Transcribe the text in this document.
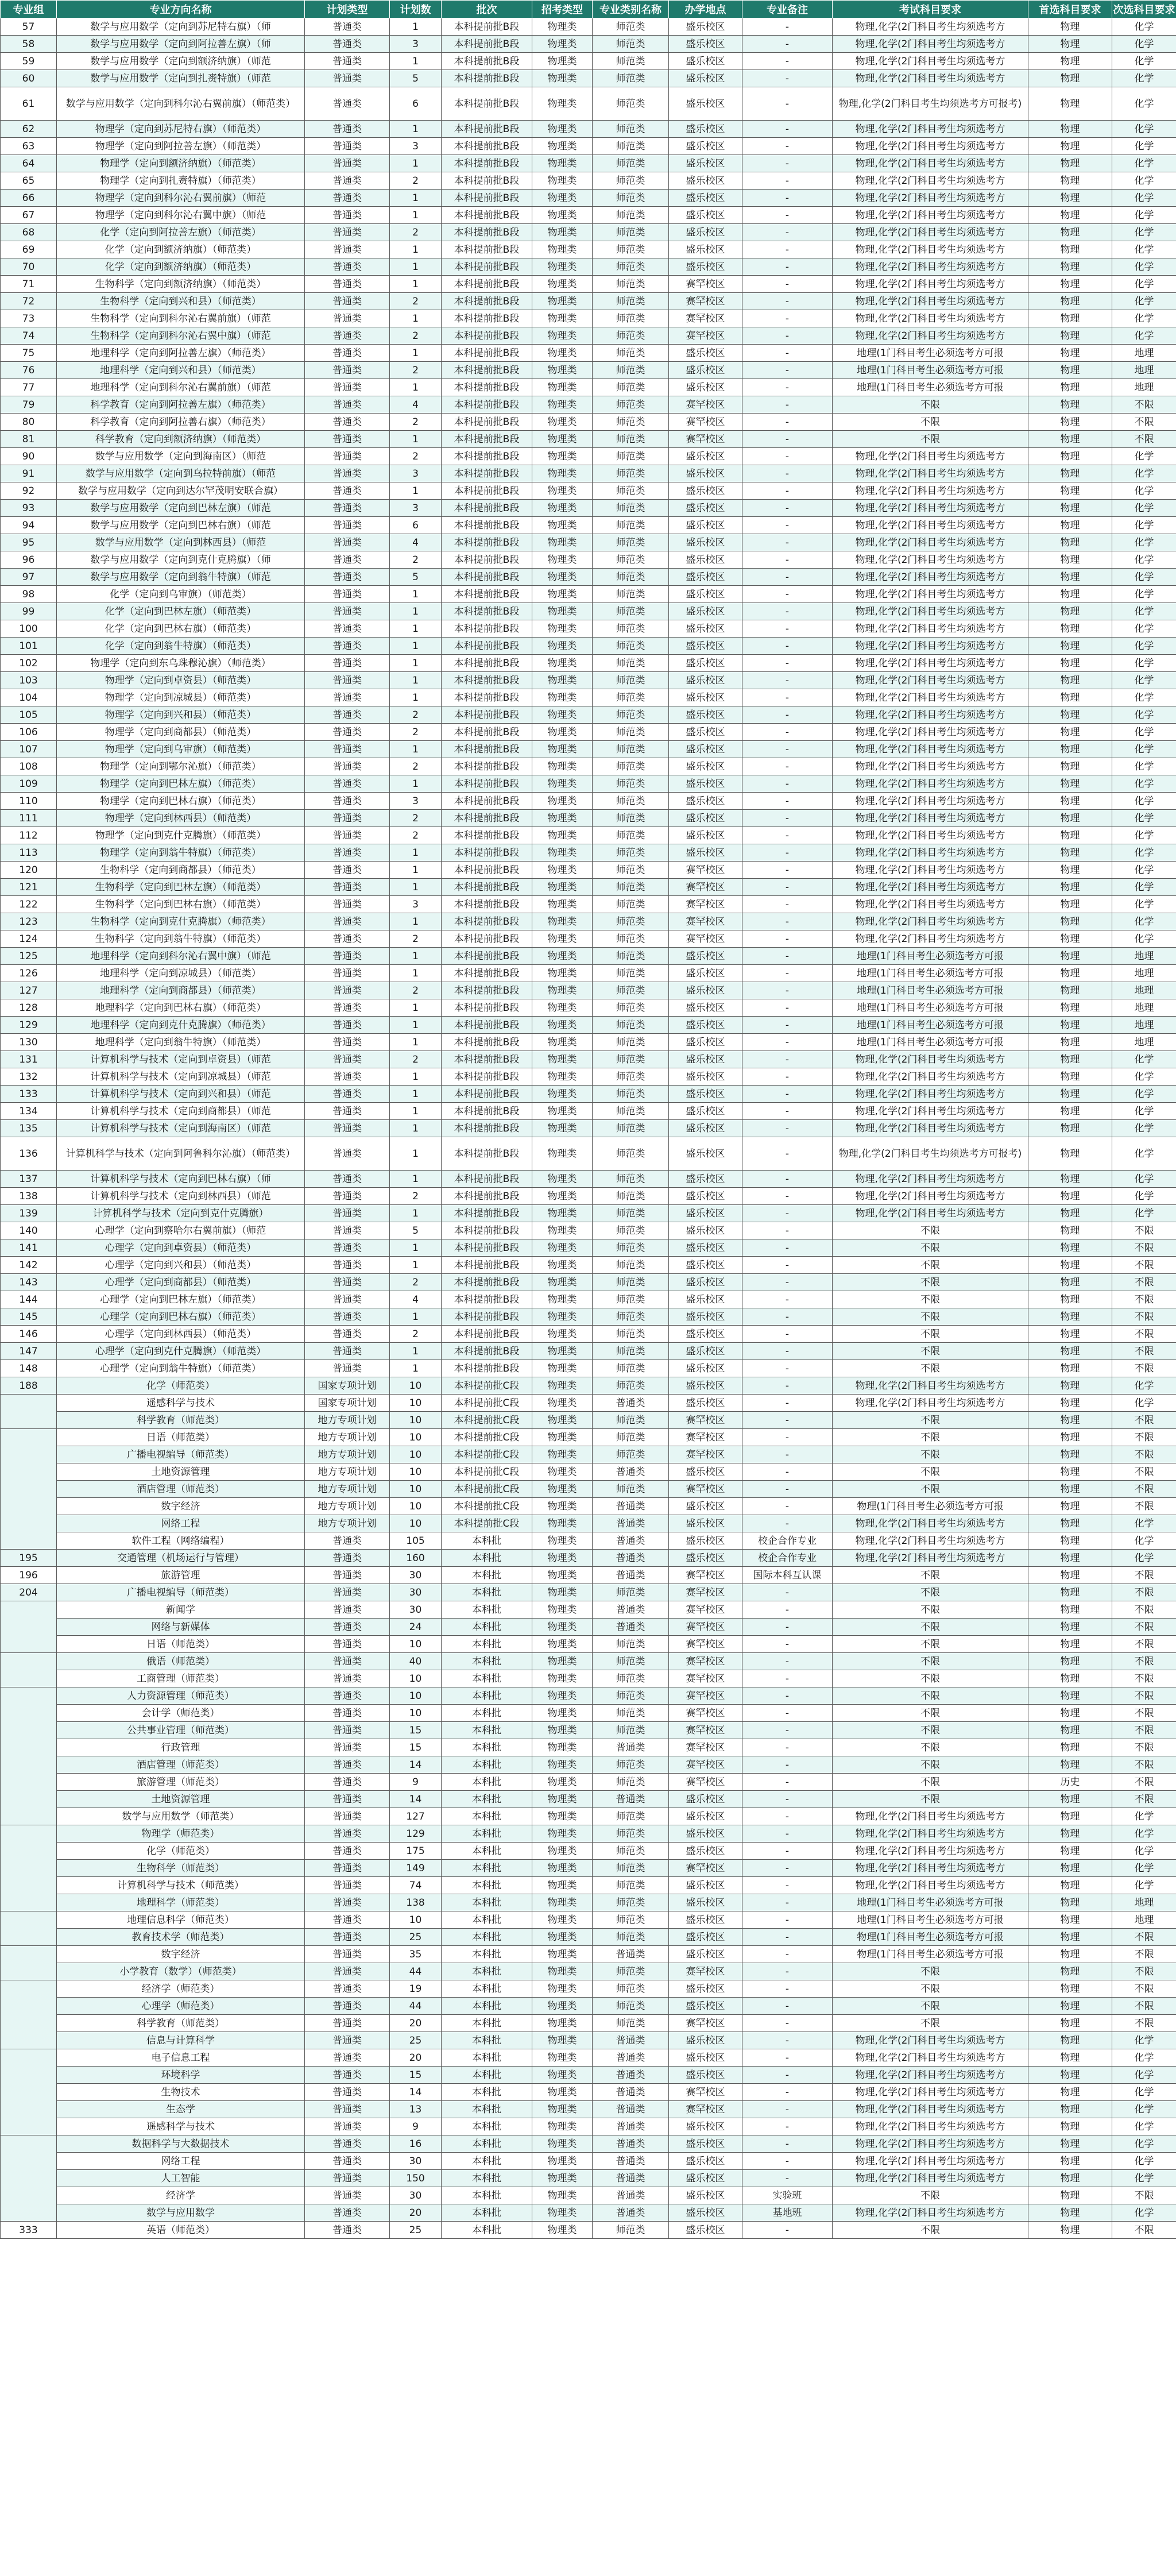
专业组	专业方向名称	计划类型	计划数	批次	招考类型	专业类别名称	办学地点	专业备注	考试科目要求	首选科目要求	次选科目要求
57	数学与应用数学（定向到苏尼特右旗）（师	普通类	1	本科提前批B段	物理类	师范类	盛乐校区	-	物理,化学(2门科目考生均须选考方	物理	化学
58	数学与应用数学（定向到阿拉善左旗）（师	普通类	3	本科提前批B段	物理类	师范类	盛乐校区	-	物理,化学(2门科目考生均须选考方	物理	化学
59	数学与应用数学（定向到额济纳旗）（师范	普通类	1	本科提前批B段	物理类	师范类	盛乐校区	-	物理,化学(2门科目考生均须选考方	物理	化学
60	数学与应用数学（定向到扎赉特旗）（师范	普通类	5	本科提前批B段	物理类	师范类	盛乐校区	-	物理,化学(2门科目考生均须选考方	物理	化学
61	数学与应用数学（定向到科尔沁右翼前旗）（师范类）	普通类	6	本科提前批B段	物理类	师范类	盛乐校区	-	物理,化学(2门科目考生均须选考方可报考)	物理	化学
62	物理学（定向到苏尼特右旗）（师范类）	普通类	1	本科提前批B段	物理类	师范类	盛乐校区	-	物理,化学(2门科目考生均须选考方	物理	化学
63	物理学（定向到阿拉善左旗）（师范类）	普通类	3	本科提前批B段	物理类	师范类	盛乐校区	-	物理,化学(2门科目考生均须选考方	物理	化学
64	物理学（定向到额济纳旗）（师范类）	普通类	1	本科提前批B段	物理类	师范类	盛乐校区	-	物理,化学(2门科目考生均须选考方	物理	化学
65	物理学（定向到扎赉特旗）（师范类）	普通类	2	本科提前批B段	物理类	师范类	盛乐校区	-	物理,化学(2门科目考生均须选考方	物理	化学
66	物理学（定向到科尔沁右翼前旗）（师范	普通类	1	本科提前批B段	物理类	师范类	盛乐校区	-	物理,化学(2门科目考生均须选考方	物理	化学
67	物理学（定向到科尔沁右翼中旗）（师范	普通类	1	本科提前批B段	物理类	师范类	盛乐校区	-	物理,化学(2门科目考生均须选考方	物理	化学
68	化学（定向到阿拉善左旗）（师范类）	普通类	2	本科提前批B段	物理类	师范类	盛乐校区	-	物理,化学(2门科目考生均须选考方	物理	化学
69	化学（定向到额济纳旗）（师范类）	普通类	1	本科提前批B段	物理类	师范类	盛乐校区	-	物理,化学(2门科目考生均须选考方	物理	化学
70	化学（定向到额济纳旗）（师范类）	普通类	1	本科提前批B段	物理类	师范类	盛乐校区	-	物理,化学(2门科目考生均须选考方	物理	化学
71	生物科学（定向到额济纳旗）（师范类）	普通类	1	本科提前批B段	物理类	师范类	赛罕校区	-	物理,化学(2门科目考生均须选考方	物理	化学
72	生物科学（定向到兴和县）（师范类）	普通类	2	本科提前批B段	物理类	师范类	赛罕校区	-	物理,化学(2门科目考生均须选考方	物理	化学
73	生物科学（定向到科尔沁右翼前旗）（师范	普通类	1	本科提前批B段	物理类	师范类	赛罕校区	-	物理,化学(2门科目考生均须选考方	物理	化学
74	生物科学（定向到科尔沁右翼中旗）（师范	普通类	2	本科提前批B段	物理类	师范类	赛罕校区	-	物理,化学(2门科目考生均须选考方	物理	化学
75	地理科学（定向到阿拉善左旗）（师范类）	普通类	1	本科提前批B段	物理类	师范类	盛乐校区	-	地理(1门科目考生必须选考方可报	物理	地理
76	地理科学（定向到兴和县）（师范类）	普通类	2	本科提前批B段	物理类	师范类	盛乐校区	-	地理(1门科目考生必须选考方可报	物理	地理
77	地理科学（定向到科尔沁右翼前旗）（师范	普通类	1	本科提前批B段	物理类	师范类	盛乐校区	-	地理(1门科目考生必须选考方可报	物理	地理
79	科学教育（定向到阿拉善左旗）（师范类）	普通类	4	本科提前批B段	物理类	师范类	赛罕校区	-	不限	物理	不限
80	科学教育（定向到阿拉善右旗）（师范类）	普通类	2	本科提前批B段	物理类	师范类	赛罕校区	-	不限	物理	不限
81	科学教育（定向到额济纳旗）（师范类）	普通类	1	本科提前批B段	物理类	师范类	赛罕校区	-	不限	物理	不限
90	数学与应用数学（定向到海南区）（师范	普通类	2	本科提前批B段	物理类	师范类	盛乐校区	-	物理,化学(2门科目考生均须选考方	物理	化学
91	数学与应用数学（定向到乌拉特前旗）（师范	普通类	3	本科提前批B段	物理类	师范类	盛乐校区	-	物理,化学(2门科目考生均须选考方	物理	化学
92	数学与应用数学（定向到达尔罕茂明安联合旗）	普通类	1	本科提前批B段	物理类	师范类	盛乐校区	-	物理,化学(2门科目考生均须选考方	物理	化学
93	数学与应用数学（定向到巴林左旗）（师范	普通类	3	本科提前批B段	物理类	师范类	盛乐校区	-	物理,化学(2门科目考生均须选考方	物理	化学
94	数学与应用数学（定向到巴林右旗）（师范	普通类	6	本科提前批B段	物理类	师范类	盛乐校区	-	物理,化学(2门科目考生均须选考方	物理	化学
95	数学与应用数学（定向到林西县）（师范	普通类	4	本科提前批B段	物理类	师范类	盛乐校区	-	物理,化学(2门科目考生均须选考方	物理	化学
96	数学与应用数学（定向到克什克腾旗）（师	普通类	2	本科提前批B段	物理类	师范类	盛乐校区	-	物理,化学(2门科目考生均须选考方	物理	化学
97	数学与应用数学（定向到翁牛特旗）（师范	普通类	5	本科提前批B段	物理类	师范类	盛乐校区	-	物理,化学(2门科目考生均须选考方	物理	化学
98	化学（定向到乌审旗）（师范类）	普通类	1	本科提前批B段	物理类	师范类	盛乐校区	-	物理,化学(2门科目考生均须选考方	物理	化学
99	化学（定向到巴林左旗）（师范类）	普通类	1	本科提前批B段	物理类	师范类	盛乐校区	-	物理,化学(2门科目考生均须选考方	物理	化学
100	化学（定向到巴林右旗）（师范类）	普通类	1	本科提前批B段	物理类	师范类	盛乐校区	-	物理,化学(2门科目考生均须选考方	物理	化学
101	化学（定向到翁牛特旗）（师范类）	普通类	1	本科提前批B段	物理类	师范类	盛乐校区	-	物理,化学(2门科目考生均须选考方	物理	化学
102	物理学（定向到东乌珠穆沁旗）（师范类）	普通类	1	本科提前批B段	物理类	师范类	盛乐校区	-	物理,化学(2门科目考生均须选考方	物理	化学
103	物理学（定向到卓资县）（师范类）	普通类	1	本科提前批B段	物理类	师范类	盛乐校区	-	物理,化学(2门科目考生均须选考方	物理	化学
104	物理学（定向到凉城县）（师范类）	普通类	1	本科提前批B段	物理类	师范类	盛乐校区	-	物理,化学(2门科目考生均须选考方	物理	化学
105	物理学（定向到兴和县）（师范类）	普通类	2	本科提前批B段	物理类	师范类	盛乐校区	-	物理,化学(2门科目考生均须选考方	物理	化学
106	物理学（定向到商都县）（师范类）	普通类	2	本科提前批B段	物理类	师范类	盛乐校区	-	物理,化学(2门科目考生均须选考方	物理	化学
107	物理学（定向到乌审旗）（师范类）	普通类	1	本科提前批B段	物理类	师范类	盛乐校区	-	物理,化学(2门科目考生均须选考方	物理	化学
108	物理学（定向到鄂尔沁旗）（师范类）	普通类	2	本科提前批B段	物理类	师范类	盛乐校区	-	物理,化学(2门科目考生均须选考方	物理	化学
109	物理学（定向到巴林左旗）（师范类）	普通类	1	本科提前批B段	物理类	师范类	盛乐校区	-	物理,化学(2门科目考生均须选考方	物理	化学
110	物理学（定向到巴林右旗）（师范类）	普通类	3	本科提前批B段	物理类	师范类	盛乐校区	-	物理,化学(2门科目考生均须选考方	物理	化学
111	物理学（定向到林西县）（师范类）	普通类	2	本科提前批B段	物理类	师范类	盛乐校区	-	物理,化学(2门科目考生均须选考方	物理	化学
112	物理学（定向到克什克腾旗）（师范类）	普通类	2	本科提前批B段	物理类	师范类	盛乐校区	-	物理,化学(2门科目考生均须选考方	物理	化学
113	物理学（定向到翁牛特旗）（师范类）	普通类	1	本科提前批B段	物理类	师范类	盛乐校区	-	物理,化学(2门科目考生均须选考方	物理	化学
120	生物科学（定向到商都县）（师范类）	普通类	1	本科提前批B段	物理类	师范类	赛罕校区	-	物理,化学(2门科目考生均须选考方	物理	化学
121	生物科学（定向到巴林左旗）（师范类）	普通类	1	本科提前批B段	物理类	师范类	赛罕校区	-	物理,化学(2门科目考生均须选考方	物理	化学
122	生物科学（定向到巴林右旗）（师范类）	普通类	3	本科提前批B段	物理类	师范类	赛罕校区	-	物理,化学(2门科目考生均须选考方	物理	化学
123	生物科学（定向到克什克腾旗）（师范类）	普通类	1	本科提前批B段	物理类	师范类	赛罕校区	-	物理,化学(2门科目考生均须选考方	物理	化学
124	生物科学（定向到翁牛特旗）（师范类）	普通类	2	本科提前批B段	物理类	师范类	赛罕校区	-	物理,化学(2门科目考生均须选考方	物理	化学
125	地理科学（定向到科尔沁右翼中旗）（师范	普通类	1	本科提前批B段	物理类	师范类	盛乐校区	-	地理(1门科目考生必须选考方可报	物理	地理
126	地理科学（定向到凉城县）（师范类）	普通类	1	本科提前批B段	物理类	师范类	盛乐校区	-	地理(1门科目考生必须选考方可报	物理	地理
127	地理科学（定向到商都县）（师范类）	普通类	2	本科提前批B段	物理类	师范类	盛乐校区	-	地理(1门科目考生必须选考方可报	物理	地理
128	地理科学（定向到巴林右旗）（师范类）	普通类	1	本科提前批B段	物理类	师范类	盛乐校区	-	地理(1门科目考生必须选考方可报	物理	地理
129	地理科学（定向到克什克腾旗）（师范类）	普通类	1	本科提前批B段	物理类	师范类	盛乐校区	-	地理(1门科目考生必须选考方可报	物理	地理
130	地理科学（定向到翁牛特旗）（师范类）	普通类	1	本科提前批B段	物理类	师范类	盛乐校区	-	地理(1门科目考生必须选考方可报	物理	地理
131	计算机科学与技术（定向到卓资县）（师范	普通类	2	本科提前批B段	物理类	师范类	盛乐校区	-	物理,化学(2门科目考生均须选考方	物理	化学
132	计算机科学与技术（定向到凉城县）（师范	普通类	1	本科提前批B段	物理类	师范类	盛乐校区	-	物理,化学(2门科目考生均须选考方	物理	化学
133	计算机科学与技术（定向到兴和县）（师范	普通类	1	本科提前批B段	物理类	师范类	盛乐校区	-	物理,化学(2门科目考生均须选考方	物理	化学
134	计算机科学与技术（定向到商都县）（师范	普通类	1	本科提前批B段	物理类	师范类	盛乐校区	-	物理,化学(2门科目考生均须选考方	物理	化学
135	计算机科学与技术（定向到海南区）（师范	普通类	1	本科提前批B段	物理类	师范类	盛乐校区	-	物理,化学(2门科目考生均须选考方	物理	化学
136	计算机科学与技术（定向到阿鲁科尔沁旗）（师范类）	普通类	1	本科提前批B段	物理类	师范类	盛乐校区	-	物理,化学(2门科目考生均须选考方可报考)	物理	化学
137	计算机科学与技术（定向到巴林右旗）（师	普通类	1	本科提前批B段	物理类	师范类	盛乐校区	-	物理,化学(2门科目考生均须选考方	物理	化学
138	计算机科学与技术（定向到林西县）（师范	普通类	2	本科提前批B段	物理类	师范类	盛乐校区	-	物理,化学(2门科目考生均须选考方	物理	化学
139	计算机科学与技术（定向到克什克腾旗）	普通类	1	本科提前批B段	物理类	师范类	盛乐校区	-	物理,化学(2门科目考生均须选考方	物理	化学
140	心理学（定向到察哈尔右翼前旗）（师范	普通类	5	本科提前批B段	物理类	师范类	盛乐校区	-	不限	物理	不限
141	心理学（定向到卓资县）（师范类）	普通类	1	本科提前批B段	物理类	师范类	盛乐校区	-	不限	物理	不限
142	心理学（定向到兴和县）（师范类）	普通类	1	本科提前批B段	物理类	师范类	盛乐校区	-	不限	物理	不限
143	心理学（定向到商都县）（师范类）	普通类	2	本科提前批B段	物理类	师范类	盛乐校区	-	不限	物理	不限
144	心理学（定向到巴林左旗）（师范类）	普通类	4	本科提前批B段	物理类	师范类	盛乐校区	-	不限	物理	不限
145	心理学（定向到巴林右旗）（师范类）	普通类	1	本科提前批B段	物理类	师范类	盛乐校区	-	不限	物理	不限
146	心理学（定向到林西县）（师范类）	普通类	2	本科提前批B段	物理类	师范类	盛乐校区	-	不限	物理	不限
147	心理学（定向到克什克腾旗）（师范类）	普通类	1	本科提前批B段	物理类	师范类	盛乐校区	-	不限	物理	不限
148	心理学（定向到翁牛特旗）（师范类）	普通类	1	本科提前批B段	物理类	师范类	盛乐校区	-	不限	物理	不限
188	化学（师范类）	国家专项计划	10	本科提前批C段	物理类	师范类	盛乐校区	-	物理,化学(2门科目考生均须选考方	物理	化学
	遥感科学与技术	国家专项计划	10	本科提前批C段	物理类	普通类	盛乐校区	-	物理,化学(2门科目考生均须选考方	物理	化学
	科学教育（师范类）	地方专项计划	10	本科提前批C段	物理类	师范类	赛罕校区	-	不限	物理	不限
	日语（师范类）	地方专项计划	10	本科提前批C段	物理类	师范类	赛罕校区	-	不限	物理	不限
	广播电视编导（师范类）	地方专项计划	10	本科提前批C段	物理类	师范类	赛罕校区	-	不限	物理	不限
	土地资源管理	地方专项计划	10	本科提前批C段	物理类	普通类	盛乐校区	-	不限	物理	不限
	酒店管理（师范类）	地方专项计划	10	本科提前批C段	物理类	师范类	赛罕校区	-	不限	物理	不限
	数字经济	地方专项计划	10	本科提前批C段	物理类	普通类	盛乐校区	-	物理(1门科目考生必须选考方可报	物理	不限
	网络工程	地方专项计划	10	本科提前批C段	物理类	普通类	盛乐校区	-	物理,化学(2门科目考生均须选考方	物理	化学
	软件工程（网络编程）	普通类	105	本科批	物理类	普通类	盛乐校区	校企合作专业	物理,化学(2门科目考生均须选考方	物理	化学
195	交通管理（机场运行与管理）	普通类	160	本科批	物理类	普通类	盛乐校区	校企合作专业	物理,化学(2门科目考生均须选考方	物理	化学
196	旅游管理	普通类	30	本科批	物理类	普通类	赛罕校区	国际本科互认课	不限	物理	不限
204	广播电视编导（师范类）	普通类	30	本科批	物理类	师范类	赛罕校区	-	不限	物理	不限
	新闻学	普通类	30	本科批	物理类	普通类	赛罕校区	-	不限	物理	不限
	网络与新媒体	普通类	24	本科批	物理类	普通类	赛罕校区	-	不限	物理	不限
	日语（师范类）	普通类	10	本科批	物理类	师范类	赛罕校区	-	不限	物理	不限
	俄语（师范类）	普通类	40	本科批	物理类	师范类	赛罕校区	-	不限	物理	不限
	工商管理（师范类）	普通类	10	本科批	物理类	师范类	赛罕校区	-	不限	物理	不限
	人力资源管理（师范类）	普通类	10	本科批	物理类	师范类	赛罕校区	-	不限	物理	不限
	会计学（师范类）	普通类	10	本科批	物理类	师范类	赛罕校区	-	不限	物理	不限
	公共事业管理（师范类）	普通类	15	本科批	物理类	师范类	赛罕校区	-	不限	物理	不限
	行政管理	普通类	15	本科批	物理类	普通类	赛罕校区	-	不限	物理	不限
	酒店管理（师范类）	普通类	14	本科批	物理类	师范类	赛罕校区	-	不限	物理	不限
	旅游管理（师范类）	普通类	9	本科批	物理类	师范类	赛罕校区	-	不限	历史	不限
	土地资源管理	普通类	14	本科批	物理类	普通类	盛乐校区	-	不限	物理	不限
	数学与应用数学（师范类）	普通类	127	本科批	物理类	师范类	盛乐校区	-	物理,化学(2门科目考生均须选考方	物理	化学
	物理学（师范类）	普通类	129	本科批	物理类	师范类	盛乐校区	-	物理,化学(2门科目考生均须选考方	物理	化学
	化学（师范类）	普通类	175	本科批	物理类	师范类	盛乐校区	-	物理,化学(2门科目考生均须选考方	物理	化学
	生物科学（师范类）	普通类	149	本科批	物理类	师范类	赛罕校区	-	物理,化学(2门科目考生均须选考方	物理	化学
	计算机科学与技术（师范类）	普通类	74	本科批	物理类	师范类	盛乐校区	-	物理,化学(2门科目考生均须选考方	物理	化学
	地理科学（师范类）	普通类	138	本科批	物理类	师范类	盛乐校区	-	地理(1门科目考生必须选考方可报	物理	地理
	地理信息科学（师范类）	普通类	10	本科批	物理类	师范类	盛乐校区	-	地理(1门科目考生必须选考方可报	物理	地理
	教育技术学（师范类）	普通类	25	本科批	物理类	师范类	盛乐校区	-	物理(1门科目考生必须选考方可报	物理	不限
	数字经济	普通类	35	本科批	物理类	普通类	盛乐校区	-	物理(1门科目考生必须选考方可报	物理	不限
	小学教育（数学）（师范类）	普通类	44	本科批	物理类	师范类	赛罕校区	-	不限	物理	不限
	经济学（师范类）	普通类	19	本科批	物理类	师范类	盛乐校区	-	不限	物理	不限
	心理学（师范类）	普通类	44	本科批	物理类	师范类	盛乐校区	-	不限	物理	不限
	科学教育（师范类）	普通类	20	本科批	物理类	师范类	赛罕校区	-	不限	物理	不限
	信息与计算科学	普通类	25	本科批	物理类	普通类	盛乐校区	-	物理,化学(2门科目考生均须选考方	物理	化学
	电子信息工程	普通类	20	本科批	物理类	普通类	盛乐校区	-	物理,化学(2门科目考生均须选考方	物理	化学
	环境科学	普通类	15	本科批	物理类	普通类	盛乐校区	-	物理,化学(2门科目考生均须选考方	物理	化学
	生物技术	普通类	14	本科批	物理类	普通类	赛罕校区	-	物理,化学(2门科目考生均须选考方	物理	化学
	生态学	普通类	13	本科批	物理类	普通类	赛罕校区	-	物理,化学(2门科目考生均须选考方	物理	化学
	遥感科学与技术	普通类	9	本科批	物理类	普通类	盛乐校区	-	物理,化学(2门科目考生均须选考方	物理	化学
	数据科学与大数据技术	普通类	16	本科批	物理类	普通类	盛乐校区	-	物理,化学(2门科目考生均须选考方	物理	化学
	网络工程	普通类	30	本科批	物理类	普通类	盛乐校区	-	物理,化学(2门科目考生均须选考方	物理	化学
	人工智能	普通类	150	本科批	物理类	普通类	盛乐校区	-	物理,化学(2门科目考生均须选考方	物理	化学
	经济学	普通类	30	本科批	物理类	普通类	盛乐校区	实验班	不限	物理	不限
	数学与应用数学	普通类	20	本科批	物理类	普通类	盛乐校区	基地班	物理,化学(2门科目考生均须选考方	物理	化学
333	英语（师范类）	普通类	25	本科批	物理类	师范类	盛乐校区	-	不限	物理	不限
